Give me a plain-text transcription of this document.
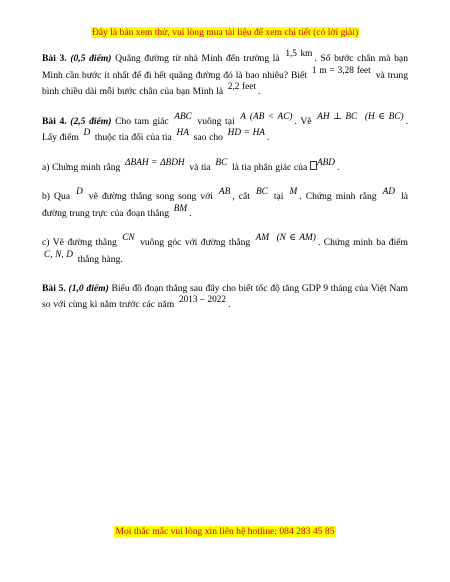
Đây là bản xem thử, vui lòng mua tài liệu để xem chi tiết (có lời giải)

Bài 3. (0,5 điểm) Quãng đường từ nhà Minh đến trường là 1,5 km . Số bước chân mà bạn Minh cần bước ít nhất để đi hết quãng đường đó là bao nhiêu? Biết 1 m = 3,28 feet và trung bình chiều dài mỗi bước chân của bạn Minh là 2,2 feet .

Bài 4. (2,5 điểm) Cho tam giác ABC vuông tại A (AB < AC) . Vẽ AH ⊥ BC (H ∈ BC) . Lấy điểm D thuộc tia đối của tia HA sao cho HD = HA .

a) Chứng minh rằng ΔBAH = ΔBDH và tia BC là tia phân giác của ABD .

b) Qua D vẽ đường thẳng song song với AB , cắt BC tại M . Chứng minh rằng AD là đường trung trực của đoạn thẳng BM .

c) Vẽ đường thẳng CN vuông góc với đường thẳng AM (N ∈ AM) . Chứng minh ba điểm C, N, D thẳng hàng.

Bài 5. (1,0 điểm) Biểu đồ đoạn thẳng sau đây cho biết tốc độ tăng GDP 9 tháng của Việt Nam so với cùng kì năm trước các năm 2013 – 2022 .

Mọi thắc mắc vui lòng xin liên hệ hotline: 084 283 45 85
